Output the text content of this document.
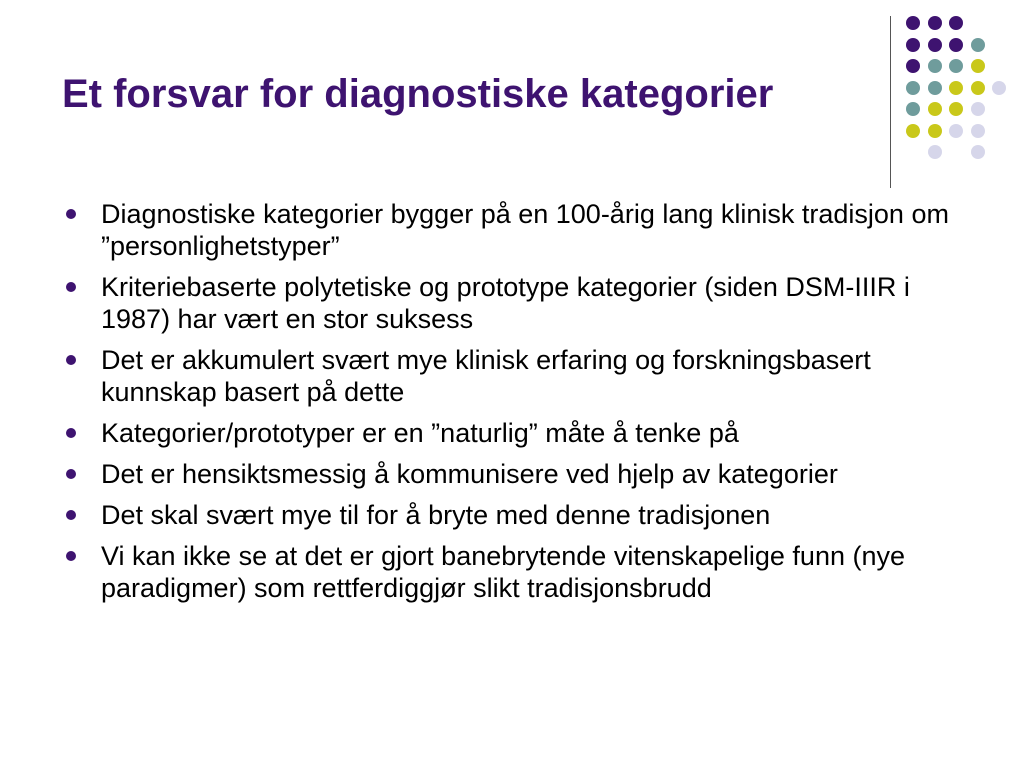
Et forsvar for diagnostiske kategorier
Diagnostiske kategorier bygger på en 100-årig lang klinisk tradisjon om ”personlighetstyper”
Kriteriebaserte polytetiske og prototype kategorier (siden DSM-IIIR i 1987) har vært en stor suksess
Det er akkumulert svært mye klinisk erfaring og forskningsbasert kunnskap basert på dette
Kategorier/prototyper er en ”naturlig” måte å tenke på
Det er hensiktsmessig å kommunisere ved hjelp av kategorier
Det skal svært mye til for å bryte med denne tradisjonen
Vi kan ikke se at det er gjort banebrytende vitenskapelige funn (nye paradigmer) som rettferdiggjør slikt tradisjonsbrudd
